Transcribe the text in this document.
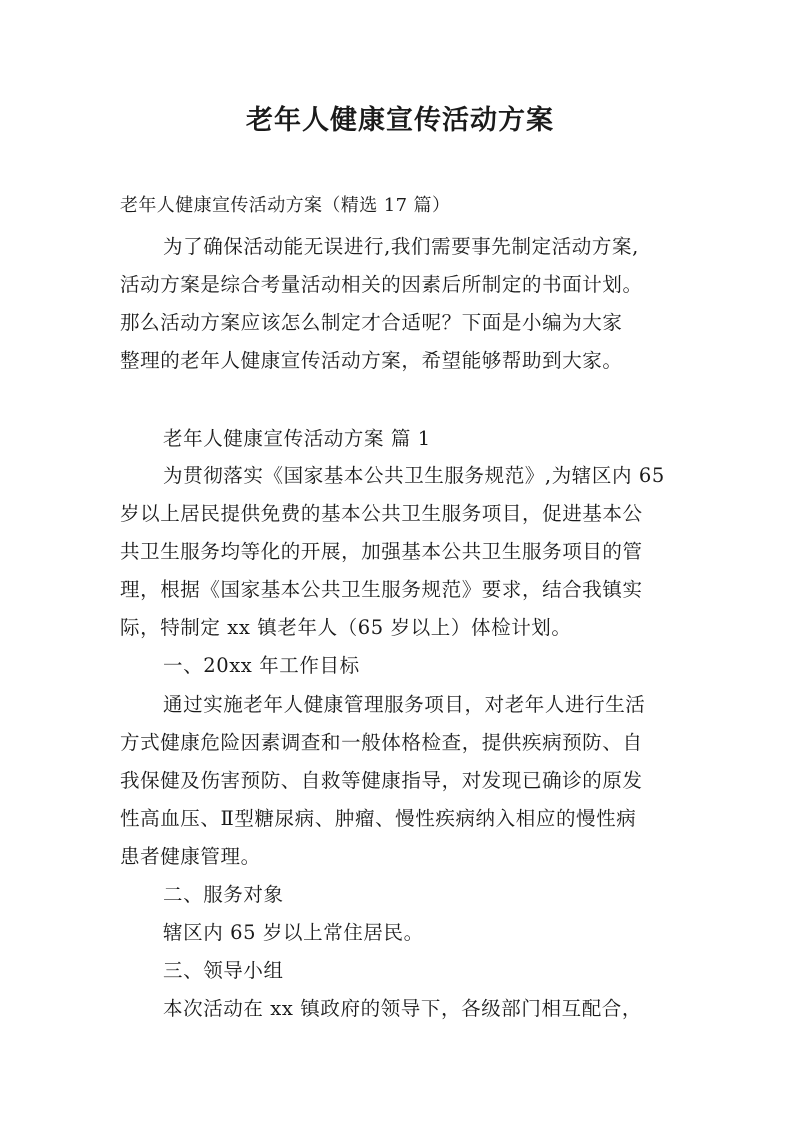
老年人健康宣传活动方案
老年人健康宣传活动方案（精选 17 篇）
为了确保活动能无误进行,我们需要事先制定活动方案,
活动方案是综合考量活动相关的因素后所制定的书面计划。
那么活动方案应该怎么制定才合适呢？下面是小编为大家
整理的老年人健康宣传活动方案，希望能够帮助到大家。
老年人健康宣传活动方案 篇 1
为贯彻落实《国家基本公共卫生服务规范》,为辖区内 65
岁以上居民提供免费的基本公共卫生服务项目，促进基本公
共卫生服务均等化的开展，加强基本公共卫生服务项目的管
理，根据《国家基本公共卫生服务规范》要求，结合我镇实
际，特制定 xx 镇老年人（65 岁以上）体检计划。
一、20xx 年工作目标
通过实施老年人健康管理服务项目，对老年人进行生活
方式健康危险因素调查和一般体格检查，提供疾病预防、自
我保健及伤害预防、自救等健康指导，对发现已确诊的原发
性高血压、Ⅱ型糖尿病、肿瘤、慢性疾病纳入相应的慢性病
患者健康管理。
二、服务对象
辖区内 65 岁以上常住居民。
三、领导小组
本次活动在 xx 镇政府的领导下，各级部门相互配合，
